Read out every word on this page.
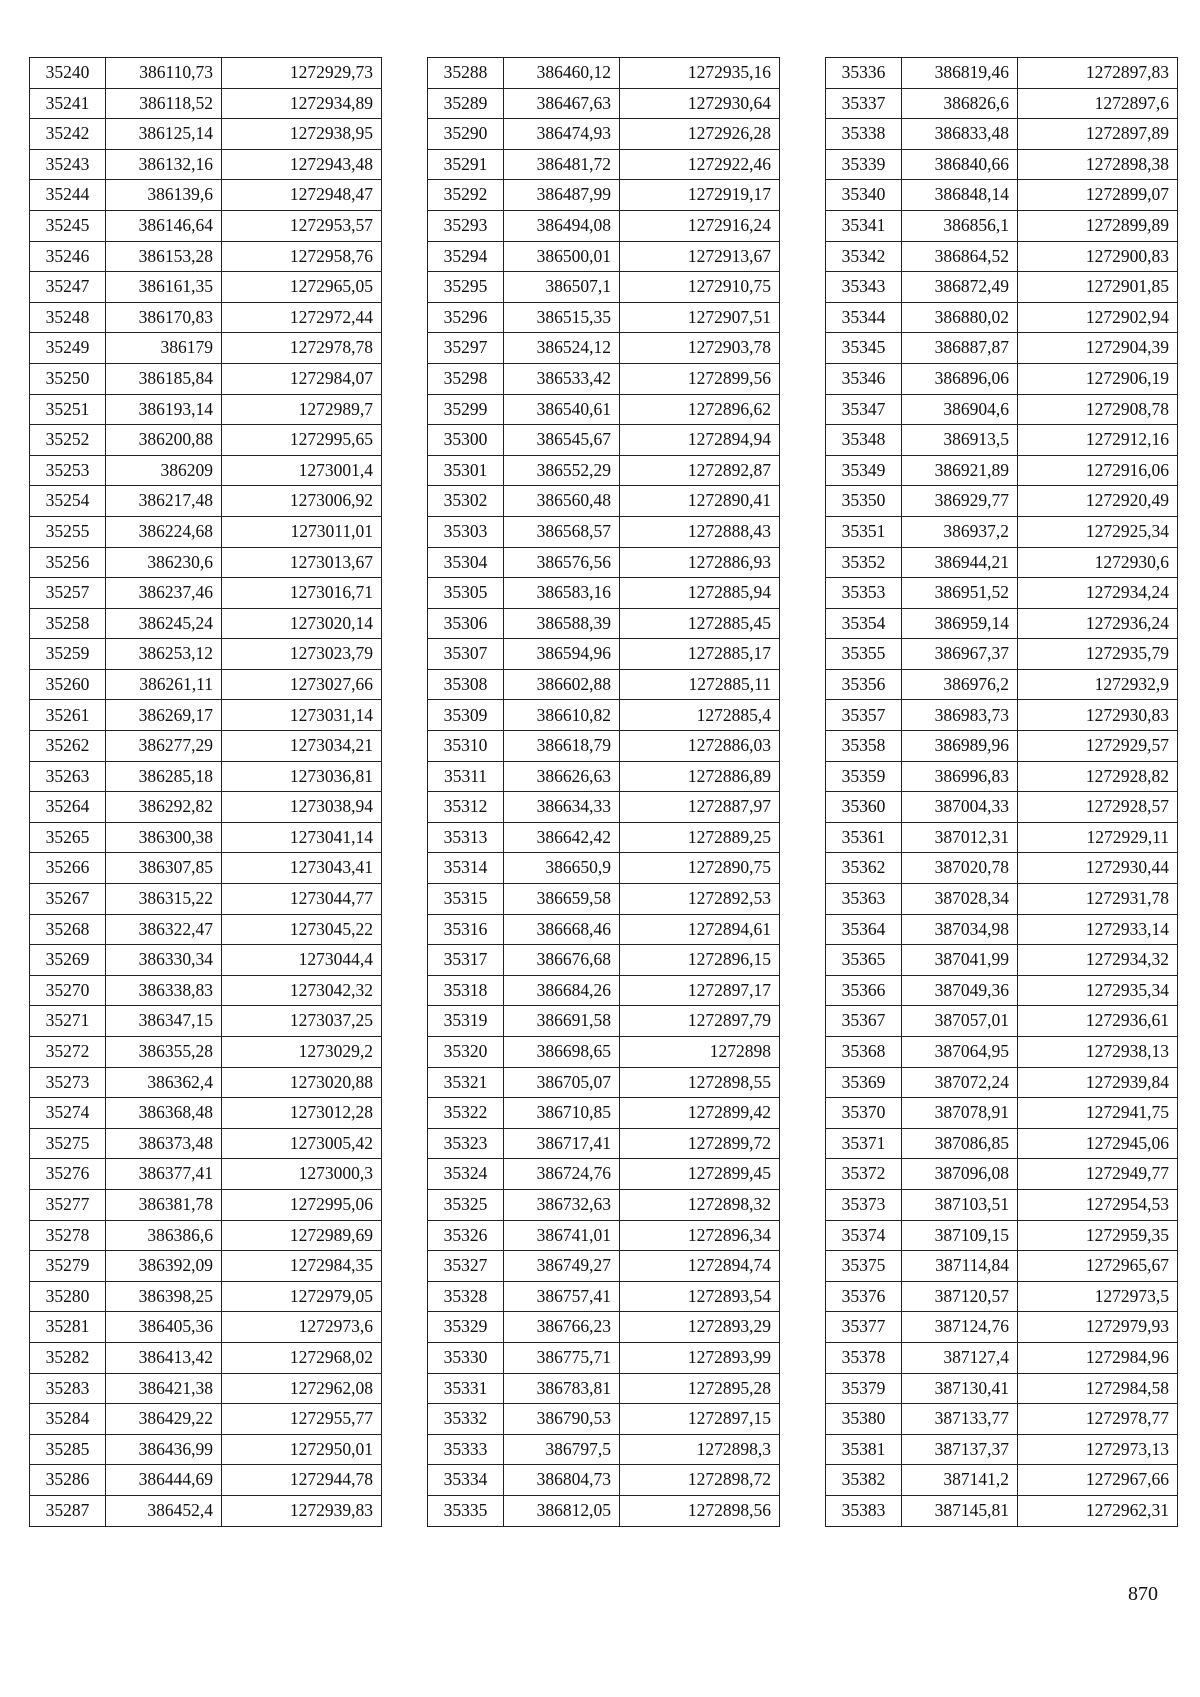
35240	386110,73	1272929,73
35241	386118,52	1272934,89
35242	386125,14	1272938,95
35243	386132,16	1272943,48
35244	386139,6	1272948,47
35245	386146,64	1272953,57
35246	386153,28	1272958,76
35247	386161,35	1272965,05
35248	386170,83	1272972,44
35249	386179	1272978,78
35250	386185,84	1272984,07
35251	386193,14	1272989,7
35252	386200,88	1272995,65
35253	386209	1273001,4
35254	386217,48	1273006,92
35255	386224,68	1273011,01
35256	386230,6	1273013,67
35257	386237,46	1273016,71
35258	386245,24	1273020,14
35259	386253,12	1273023,79
35260	386261,11	1273027,66
35261	386269,17	1273031,14
35262	386277,29	1273034,21
35263	386285,18	1273036,81
35264	386292,82	1273038,94
35265	386300,38	1273041,14
35266	386307,85	1273043,41
35267	386315,22	1273044,77
35268	386322,47	1273045,22
35269	386330,34	1273044,4
35270	386338,83	1273042,32
35271	386347,15	1273037,25
35272	386355,28	1273029,2
35273	386362,4	1273020,88
35274	386368,48	1273012,28
35275	386373,48	1273005,42
35276	386377,41	1273000,3
35277	386381,78	1272995,06
35278	386386,6	1272989,69
35279	386392,09	1272984,35
35280	386398,25	1272979,05
35281	386405,36	1272973,6
35282	386413,42	1272968,02
35283	386421,38	1272962,08
35284	386429,22	1272955,77
35285	386436,99	1272950,01
35286	386444,69	1272944,78
35287	386452,4	1272939,83
35288	386460,12	1272935,16
35289	386467,63	1272930,64
35290	386474,93	1272926,28
35291	386481,72	1272922,46
35292	386487,99	1272919,17
35293	386494,08	1272916,24
35294	386500,01	1272913,67
35295	386507,1	1272910,75
35296	386515,35	1272907,51
35297	386524,12	1272903,78
35298	386533,42	1272899,56
35299	386540,61	1272896,62
35300	386545,67	1272894,94
35301	386552,29	1272892,87
35302	386560,48	1272890,41
35303	386568,57	1272888,43
35304	386576,56	1272886,93
35305	386583,16	1272885,94
35306	386588,39	1272885,45
35307	386594,96	1272885,17
35308	386602,88	1272885,11
35309	386610,82	1272885,4
35310	386618,79	1272886,03
35311	386626,63	1272886,89
35312	386634,33	1272887,97
35313	386642,42	1272889,25
35314	386650,9	1272890,75
35315	386659,58	1272892,53
35316	386668,46	1272894,61
35317	386676,68	1272896,15
35318	386684,26	1272897,17
35319	386691,58	1272897,79
35320	386698,65	1272898
35321	386705,07	1272898,55
35322	386710,85	1272899,42
35323	386717,41	1272899,72
35324	386724,76	1272899,45
35325	386732,63	1272898,32
35326	386741,01	1272896,34
35327	386749,27	1272894,74
35328	386757,41	1272893,54
35329	386766,23	1272893,29
35330	386775,71	1272893,99
35331	386783,81	1272895,28
35332	386790,53	1272897,15
35333	386797,5	1272898,3
35334	386804,73	1272898,72
35335	386812,05	1272898,56
35336	386819,46	1272897,83
35337	386826,6	1272897,6
35338	386833,48	1272897,89
35339	386840,66	1272898,38
35340	386848,14	1272899,07
35341	386856,1	1272899,89
35342	386864,52	1272900,83
35343	386872,49	1272901,85
35344	386880,02	1272902,94
35345	386887,87	1272904,39
35346	386896,06	1272906,19
35347	386904,6	1272908,78
35348	386913,5	1272912,16
35349	386921,89	1272916,06
35350	386929,77	1272920,49
35351	386937,2	1272925,34
35352	386944,21	1272930,6
35353	386951,52	1272934,24
35354	386959,14	1272936,24
35355	386967,37	1272935,79
35356	386976,2	1272932,9
35357	386983,73	1272930,83
35358	386989,96	1272929,57
35359	386996,83	1272928,82
35360	387004,33	1272928,57
35361	387012,31	1272929,11
35362	387020,78	1272930,44
35363	387028,34	1272931,78
35364	387034,98	1272933,14
35365	387041,99	1272934,32
35366	387049,36	1272935,34
35367	387057,01	1272936,61
35368	387064,95	1272938,13
35369	387072,24	1272939,84
35370	387078,91	1272941,75
35371	387086,85	1272945,06
35372	387096,08	1272949,77
35373	387103,51	1272954,53
35374	387109,15	1272959,35
35375	387114,84	1272965,67
35376	387120,57	1272973,5
35377	387124,76	1272979,93
35378	387127,4	1272984,96
35379	387130,41	1272984,58
35380	387133,77	1272978,77
35381	387137,37	1272973,13
35382	387141,2	1272967,66
35383	387145,81	1272962,31
870
